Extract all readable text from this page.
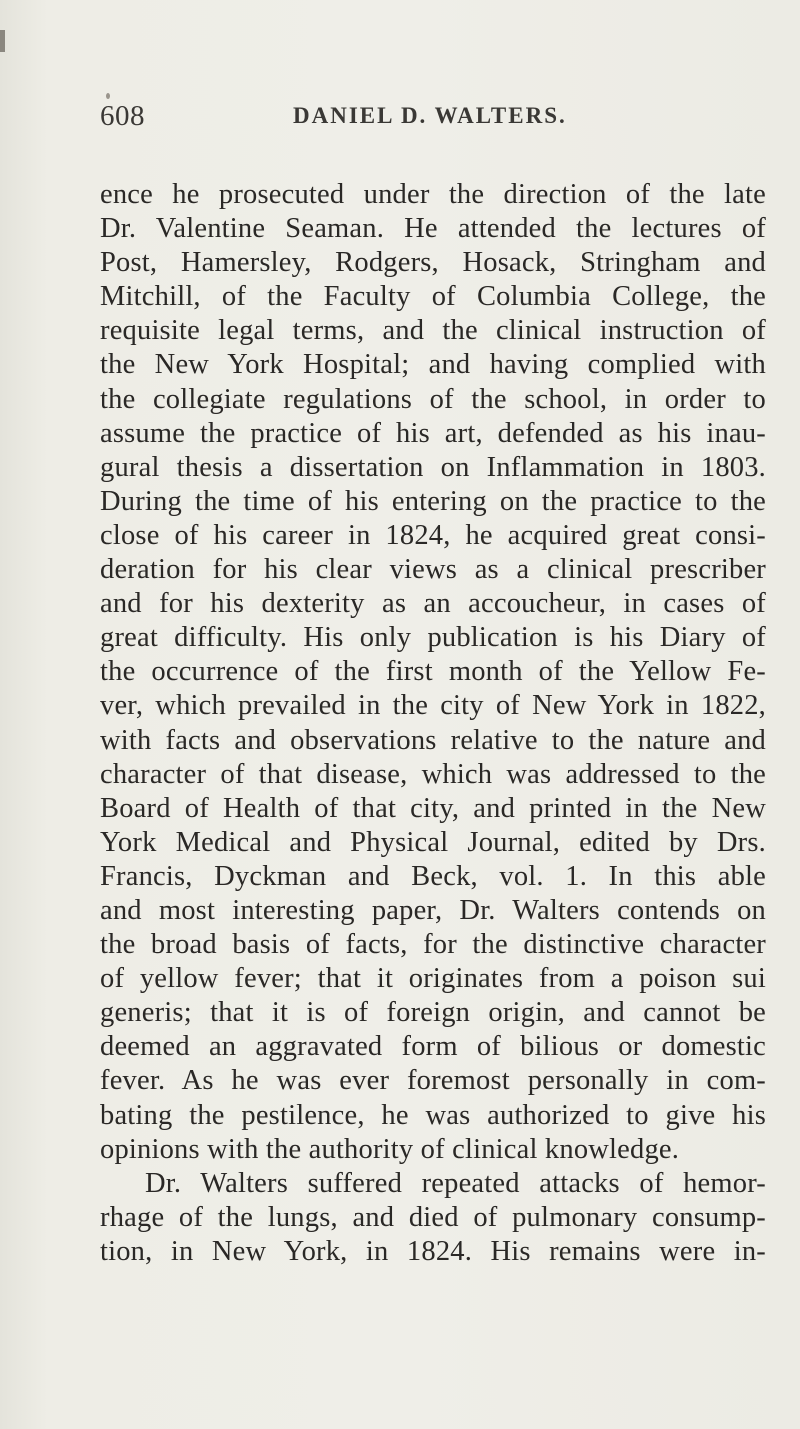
608	DANIEL D. WALTERS.
ence he prosecuted under the direction of the late
Dr. Valentine Seaman. He attended the lectures of
Post, Hamersley, Rodgers, Hosack, Stringham and
Mitchill, of the Faculty of Columbia College, the
requisite legal terms, and the clinical instruction of
the New York Hospital; and having complied with
the collegiate regulations of the school, in order to
assume the practice of his art, defended as his inau-
gural thesis a dissertation on Inflammation in 1803.
During the time of his entering on the practice to the
close of his career in 1824, he acquired great consi-
deration for his clear views as a clinical prescriber
and for his dexterity as an accoucheur, in cases of
great difficulty. His only publication is his Diary of
the occurrence of the first month of the Yellow Fe-
ver, which prevailed in the city of New York in 1822,
with facts and observations relative to the nature and
character of that disease, which was addressed to the
Board of Health of that city, and printed in the New
York Medical and Physical Journal, edited by Drs.
Francis, Dyckman and Beck, vol. 1. In this able
and most interesting paper, Dr. Walters contends on
the broad basis of facts, for the distinctive character
of yellow fever; that it originates from a poison sui
generis; that it is of foreign origin, and cannot be
deemed an aggravated form of bilious or domestic
fever. As he was ever foremost personally in com-
bating the pestilence, he was authorized to give his
opinions with the authority of clinical knowledge.
Dr. Walters suffered repeated attacks of hemor-
rhage of the lungs, and died of pulmonary consump-
tion, in New York, in 1824. His remains were in-
